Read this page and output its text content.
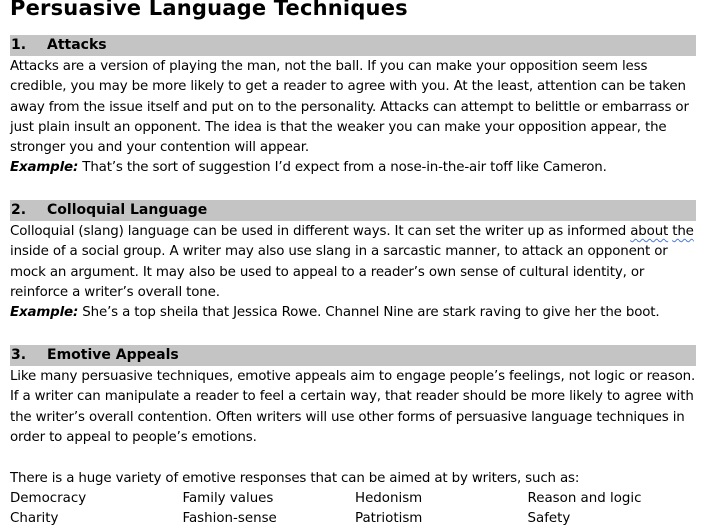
Persuasive Language Techniques
1. Attacks

Attacks are a version of playing the man, not the ball. If you can make your opposition seem less credible, you may be more likely to get a reader to agree with you. At the least, attention can be taken away from the issue itself and put on to the personality. Attacks can attempt to belittle or embarrass or just plain insult an opponent. The idea is that the weaker you can make your opposition appear, the stronger you and your contention will appear.

Example: That’s the sort of suggestion I’d expect from a nose-in-the-air toff like Cameron.

2. Colloquial Language

Colloquial (slang) language can be used in different ways. It can set the writer up as informed about the inside of a social group. A writer may also use slang in a sarcastic manner, to attack an opponent or mock an argument. It may also be used to appeal to a reader’s own sense of cultural identity, or reinforce a writer’s overall tone.

Example: She’s a top sheila that Jessica Rowe. Channel Nine are stark raving to give her the boot.

3. Emotive Appeals

Like many persuasive techniques, emotive appeals aim to engage people’s feelings, not logic or reason. If a writer can manipulate a reader to feel a certain way, that reader should be more likely to agree with the writer’s overall contention. Often writers will use other forms of persuasive language techniques in order to appeal to people’s emotions.

There is a huge variety of emotive responses that can be aimed at by writers, such as:

Democracy	Family values	Hedonism	Reason and logic
Charity	Fashion-sense	Patriotism	Safety
